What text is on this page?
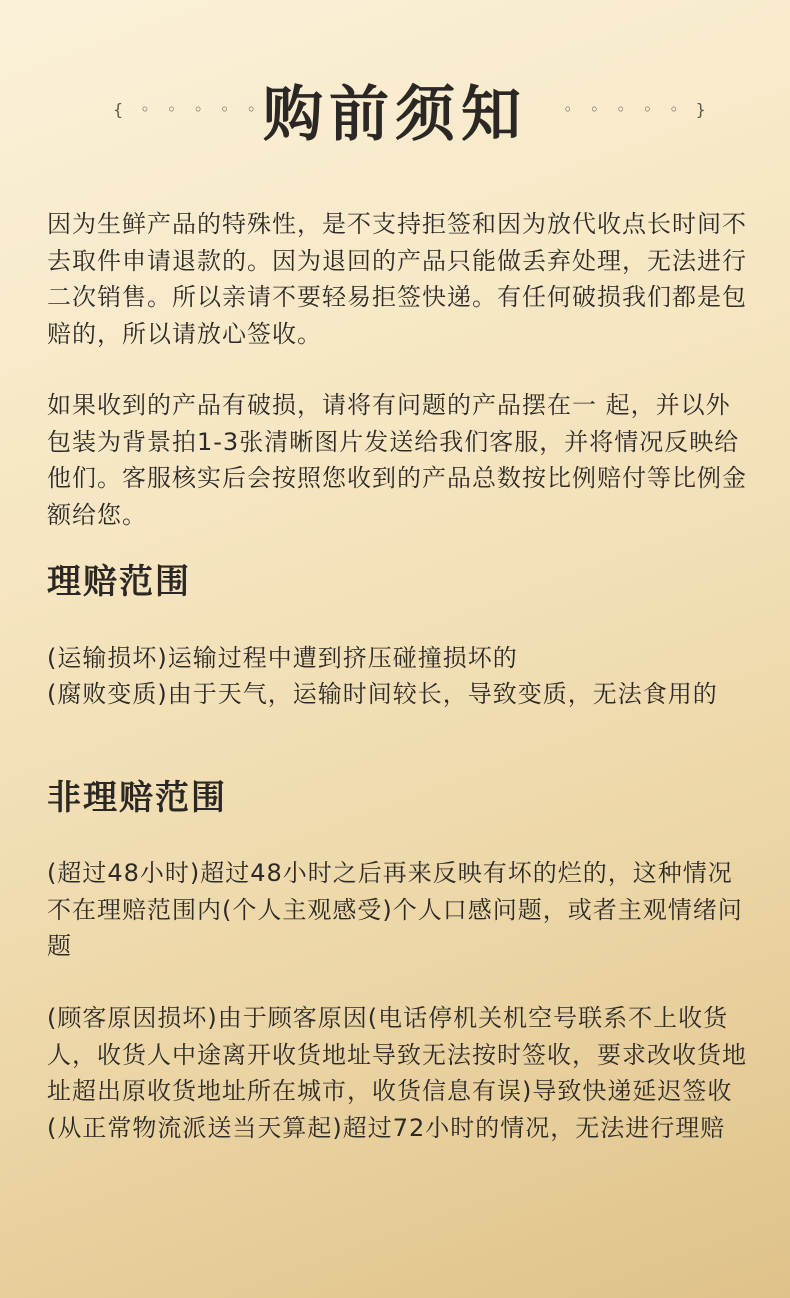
{ ◦ ◦ ◦ ◦ ◦ 购前须知	◦ ◦ ◦ ◦ ◦ }
因为生鲜产品的特殊性，是不支持拒签和因为放代收点长时间不去取件申请退款的。因为退回的产品只能做丢弃处理，无法进行二次销售。所以亲请不要轻易拒签快递。有任何破损我们都是包赔的，所以请放心签收。
如果收到的产品有破损，请将有问题的产品摆在一 起，并以外包装为背景拍1-3张清晰图片发送给我们客服，并将情况反映给他们。客服核实后会按照您收到的产品总数按比例赔付等比例金额给您。
理赔范围
(运输损坏)运输过程中遭到挤压碰撞损坏的
(腐败变质)由于天气，运输时间较长，导致变质，无法食用的
非理赔范围
(超过48小时)超过48小时之后再来反映有坏的烂的，这种情况不在理赔范围内(个人主观感受)个人口感问题，或者主观情绪问题
(顾客原因损坏)由于顾客原因(电话停机关机空号联系不上收货人，收货人中途离开收货地址导致无法按时签收，要求改收货地址超出原收货地址所在城市，收货信息有误)导致快递延迟签收(从正常物流派送当天算起)超过72小时的情况，无法进行理赔
